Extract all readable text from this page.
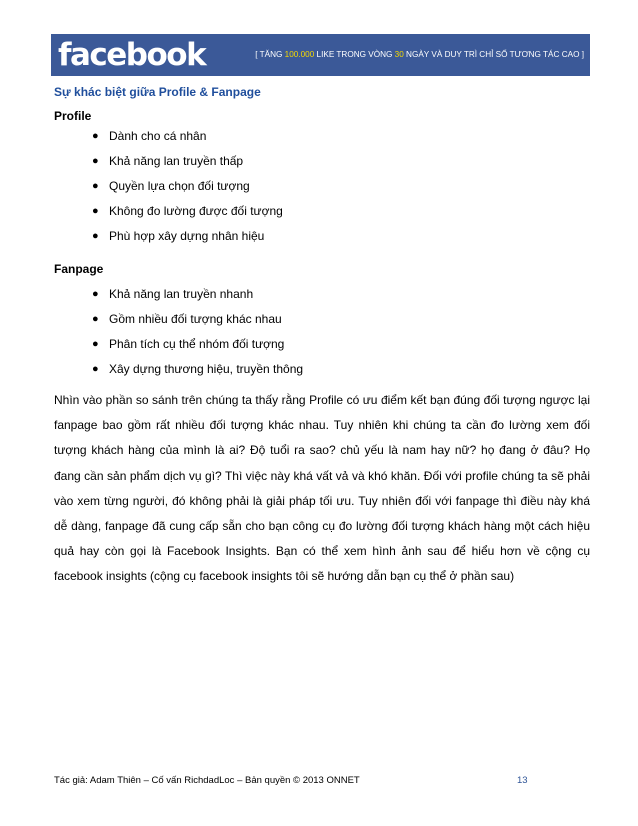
facebook	[ TĂNG 100.000 LIKE TRONG VÒNG 30 NGÀY VÀ DUY TRÌ CHỈ SỐ TƯƠNG TÁC CAO ]
Sự khác biệt giữa Profile & Fanpage
Profile
● Dành cho cá nhân
● Khả năng lan truyền thấp
● Quyền lựa chọn đối tượng
● Không đo lường được đối tượng
● Phù hợp xây dựng nhân hiệu
Fanpage
● Khả năng lan truyền nhanh
● Gồm nhiều đối tượng khác nhau
● Phân tích cụ thể nhóm đối tượng
● Xây dựng thương hiệu, truyền thông

Nhìn vào phần so sánh trên chúng ta thấy rằng Profile có ưu điểm kết bạn đúng đối tượng ngược lại fanpage bao gồm rất nhiều đối tượng khác nhau. Tuy nhiên khi chúng ta cần đo lường xem đối tượng khách hàng của mình là ai? Độ tuổi ra sao? chủ yếu là nam hay nữ? họ đang ở đâu? Họ đang cần sản phẩm dịch vụ gì? Thì việc này khá vất vả và khó khăn. Đối với profile chúng ta sẽ phải vào xem từng người, đó không phải là giải pháp tối ưu. Tuy nhiên đối với fanpage thì điều này khá dễ dàng, fanpage đã cung cấp sẵn cho bạn công cụ đo lường đối tượng khách hàng một cách hiệu quả hay còn gọi là Facebook Insights. Bạn có thể xem hình ảnh sau để hiểu hơn về cộng cụ facebook insights (cộng cụ facebook insights tôi sẽ hướng dẫn bạn cụ thể ở phần sau)

Tác giả: Adam Thiên – Cố vấn RichdadLoc – Bản quyền © 2013 ONNET	13
